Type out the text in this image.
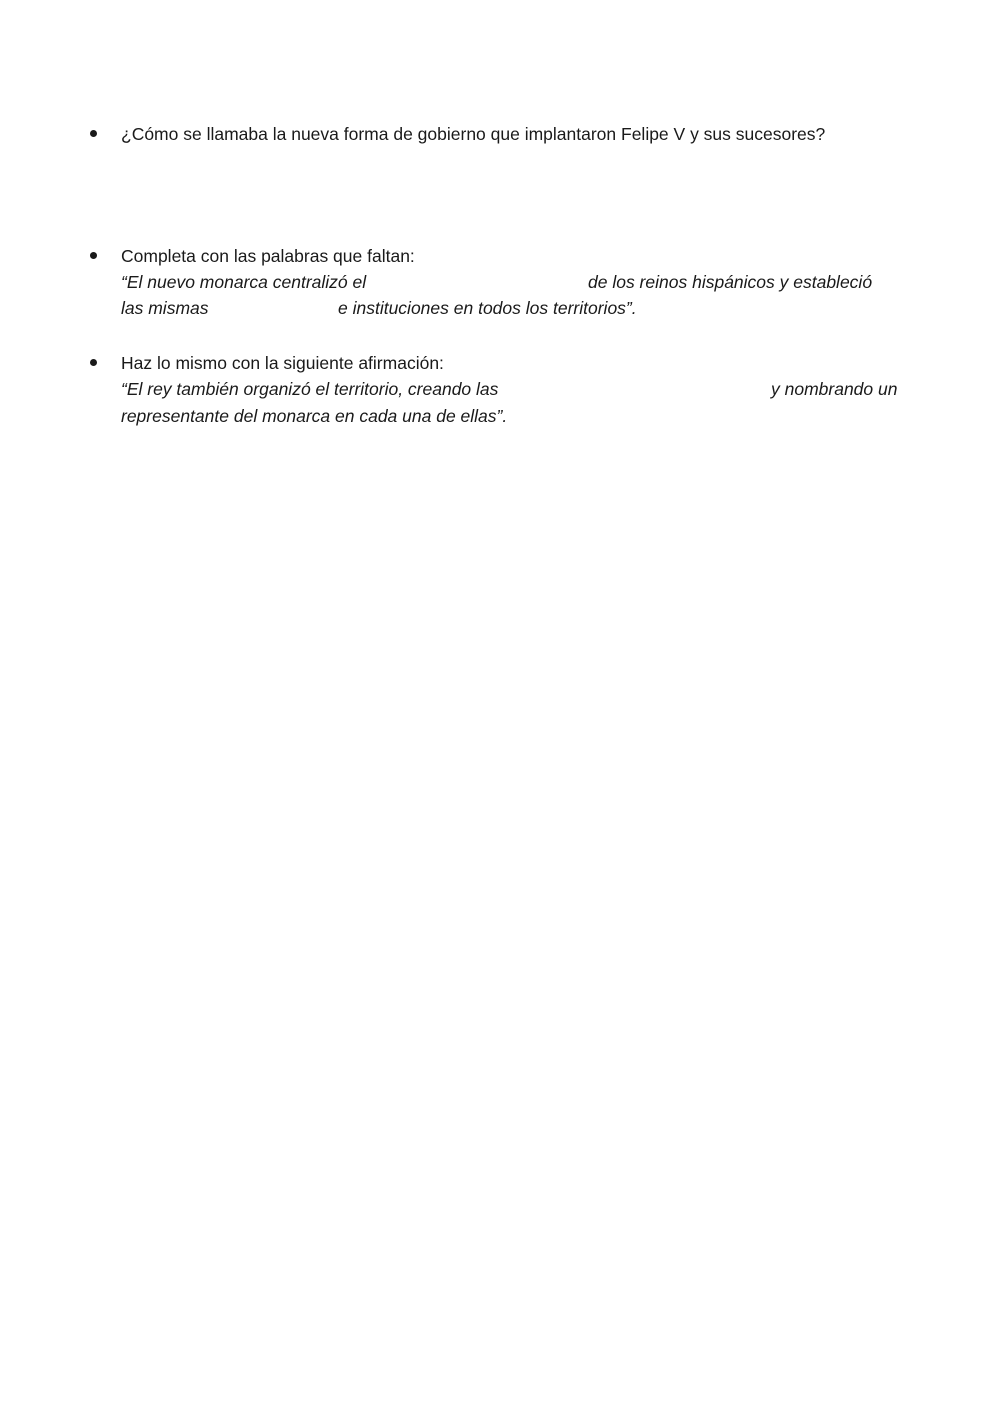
¿Cómo se llamaba la nueva forma de gobierno que implantaron Felipe V y sus sucesores?
Completa con las palabras que faltan:
“El nuevo monarca centralizó el	de los reinos hispánicos y estableció
las mismas	e instituciones en todos los territorios”.
Haz lo mismo con la siguiente afirmación:
“El rey también organizó el territorio, creando las	y nombrando un
representante del monarca en cada una de ellas”.
